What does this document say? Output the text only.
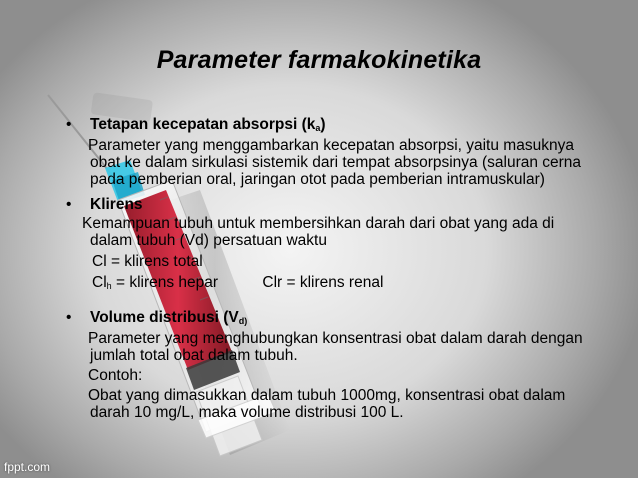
Parameter farmakokinetika
• Tetapan kecepatan absorpsi (ka)
Parameter yang menggambarkan kecepatan absorpsi, yaitu masuknya
obat ke dalam sirkulasi sistemik dari tempat absorpsinya (saluran cerna
pada pemberian oral, jaringan otot pada pemberian intramuskular)
• Klirens
Kemampuan tubuh untuk membersihkan darah dari obat yang ada di
dalam tubuh (Vd) persatuan waktu
Cl = klirens total
Clh = klirens hepar	Clr = klirens renal
• Volume distribusi (Vd)
Parameter yang menghubungkan konsentrasi obat dalam darah dengan
jumlah total obat dalam tubuh.
Contoh:
Obat yang dimasukkan dalam tubuh 1000mg, konsentrasi obat dalam
darah 10 mg/L, maka volume distribusi 100 L.
fppt.com
